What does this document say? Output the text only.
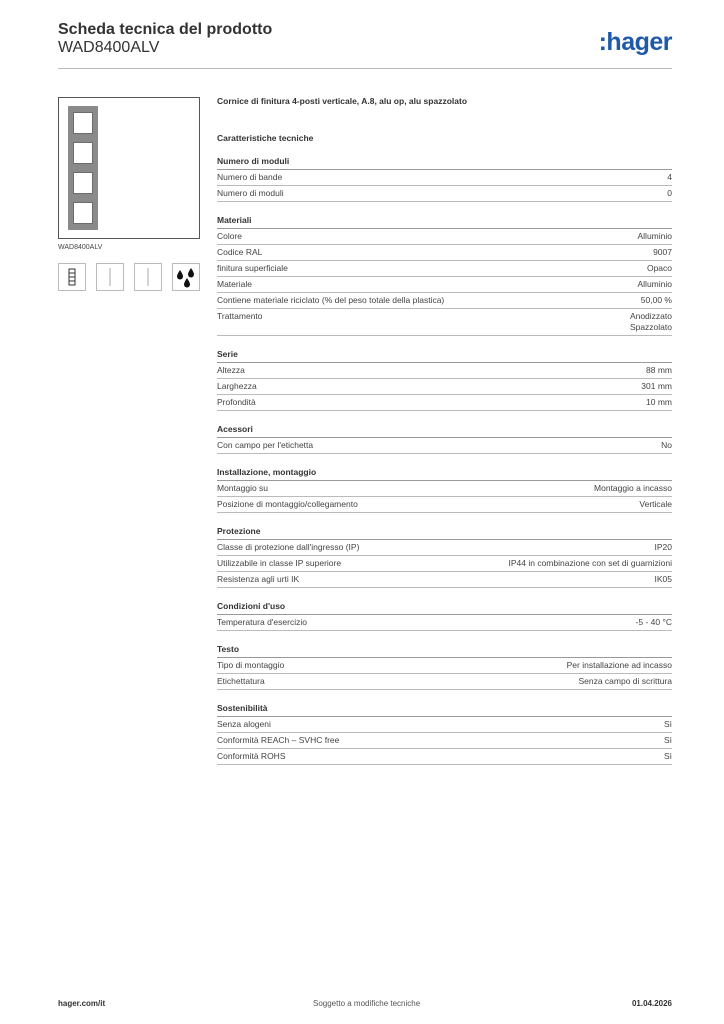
Scheda tecnica del prodotto
WAD8400ALV	:hager
WAD8400ALV

Cornice di finitura 4-posti verticale, A.8, alu op, alu spazzolato

Caratteristiche tecniche
Numero di moduli
Numero di bande	4
Numero di moduli	0
Materiali
Colore	Alluminio
Codice RAL	9007
finitura superficiale	Opaco
Materiale	Alluminio
Contiene materiale riciclato (% del peso totale della plastica)	50,00 %
Trattamento	Anodizzato
Spazzolato
Serie
Altezza	88 mm
Larghezza	301 mm
Profondità	10 mm
Acessori
Con campo per l'etichetta	No
Installazione, montaggio
Montaggio su	Montaggio a incasso
Posizione di montaggio/collegamento	Verticale
Protezione
Classe di protezione dall'ingresso (IP)	IP20
Utilizzabile in classe IP superiore	IP44 in combinazione con set di guarnizioni
Resistenza agli urti IK	IK05
Condizioni d'uso
Temperatura d'esercizio	-5 - 40 °C
Testo
Tipo di montaggio	Per installazione ad incasso
Etichettatura	Senza campo di scrittura
Sostenibilità
Senza alogeni	Sì
Conformità REACh – SVHC free	Sì
Conformità ROHS	Sì
hager.com/it	Soggetto a modifiche tecniche	01.04.2026
